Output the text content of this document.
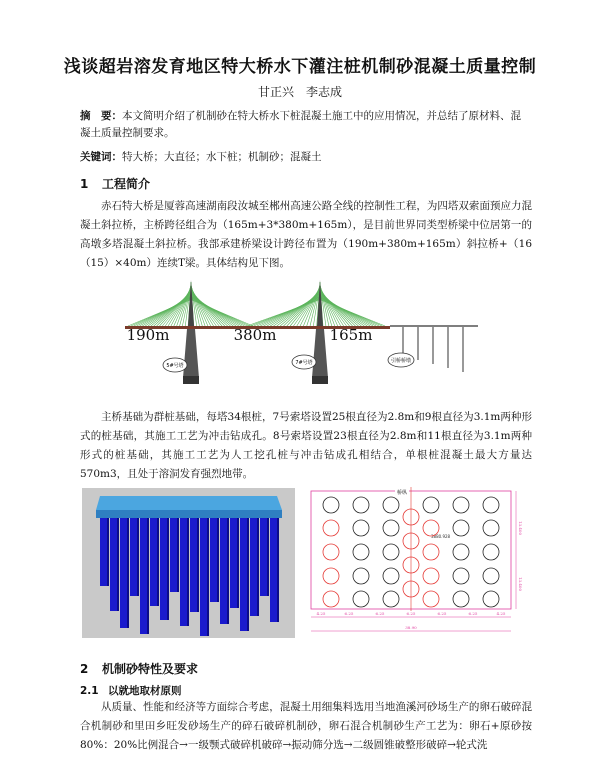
浅谈超岩溶发育地区特大桥水下灌注桩机制砂混凝土质量控制
甘正兴　李志成
摘　要：本文简明介绍了机制砂在特大桥水下桩混凝土施工中的应用情况，并总结了原材料、混凝土质量控制要求。
关键词：特大桥；大直径；水下桩；机制砂；混凝土
1 工程简介
赤石特大桥是厦蓉高速湖南段汝城至郴州高速公路全线的控制性工程，为四塔双索面预应力混凝土斜拉桥，主桥跨径组合为（165m+3*380m+165m），是目前世界同类型桥梁中位居第一的高墩多塔混凝土斜拉桥。我部承建桥梁设计跨径布置为（190m+380m+165m）斜拉桥+（16（15）×40m）连续T梁。具体结构见下图。
190m	380m	165m
5#号塔	7#号塔	引桥桥墩
主桥基础为群桩基础，每塔34根桩，7号索塔设置25根直径为2.8m和9根直径为3.1m两种形式的桩基础，其施工工艺为冲击钻成孔。8号索塔设置23根直径为2.8m和11根直径为3.1m两种形式的桩基础，其施工工艺为人工挖孔桩与冲击钻成孔相结合，单根桩混凝土最大方量达570m3，且处于溶洞发育强烈地带。
桥纵
3880.928
4.25	6.25	6.25	6.25	6.25	6.25	4.25
38.90
13.400
13.400
2 机制砂特性及要求
2.1 以就地取材原则
从质量、性能和经济等方面综合考虑，混凝土用细集料选用当地渔溪河砂场生产的卵石破碎混合机制砂和里田乡旺发砂场生产的碎石破碎机制砂，卵石混合机制砂生产工艺为：卵石+原砂按80%：20%比例混合→一级颚式破碎机破碎→振动筛分选→二级圆锥破整形破碎→轮式洗
